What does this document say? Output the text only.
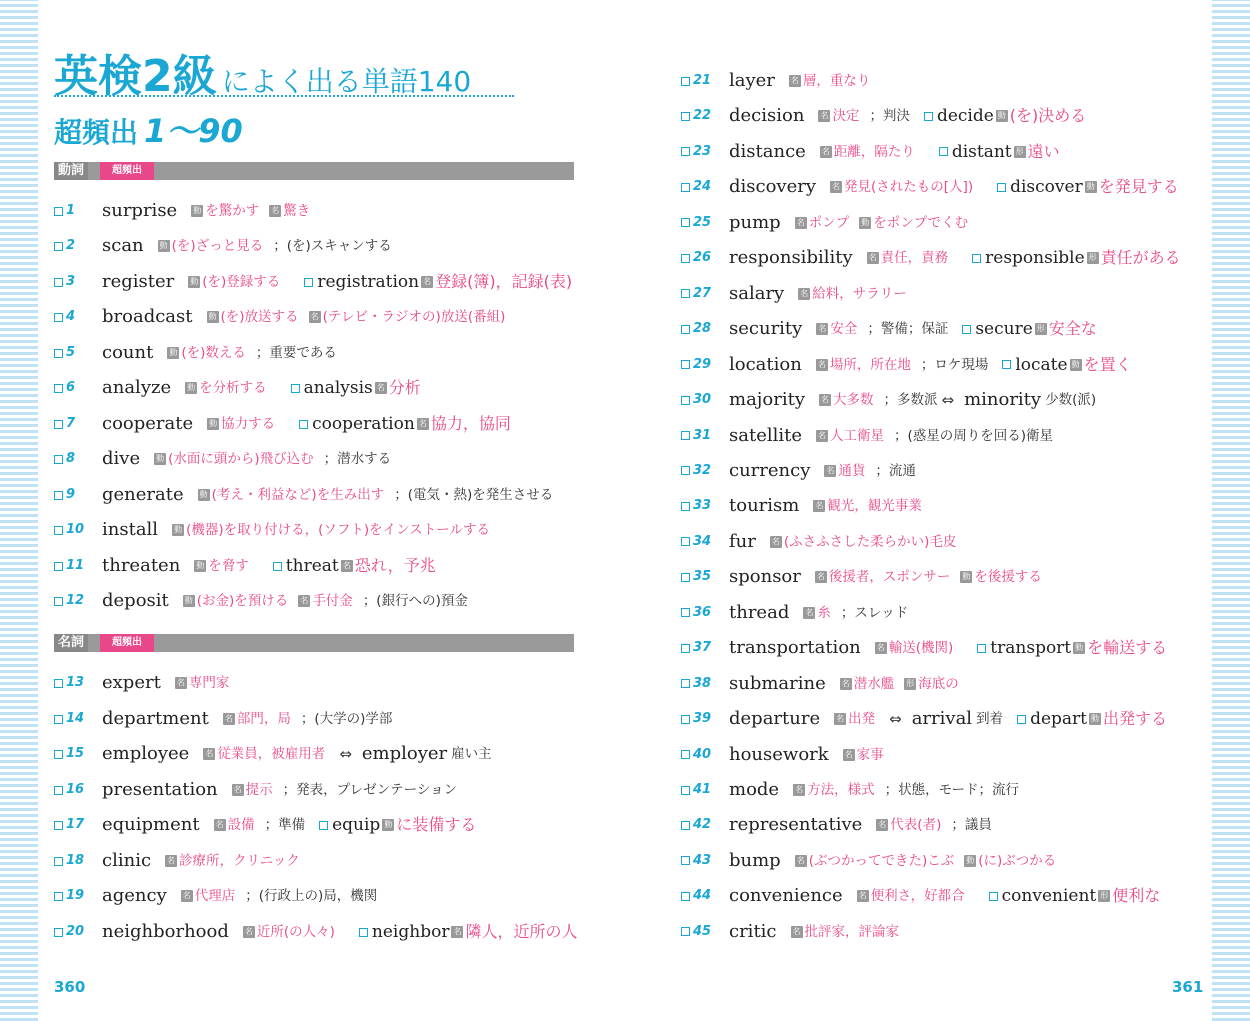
英検2級 によく出る単語140
超頻出 1〜90
動詞	超頻出
名詞	超頻出
1	surprise 動 を驚かす 名 驚き
2	scan 動 (を)ざっと見る ；(を)スキャンする
3	register 動 (を)登録する registration 名 登録(簿)，記録(表)
4	broadcast 動 (を)放送する 名 (テレビ・ラジオの)放送(番組)
5	count 動 (を)数える ；重要である
6	analyze 動 を分析する analysis 名 分析
7	cooperate 動 協力する cooperation 名 協力，協同
8	dive 動 (水面に頭から)飛び込む ；潜水する
9	generate 動 (考え・利益など)を生み出す ；(電気・熱)を発生させる
10 install 動 (機器)を取り付ける，(ソフト)をインストールする
11 threaten 動 を脅す threat 名 恐れ，予兆
12 deposit 動 (お金)を預ける 名 手付金 ；(銀行への)預金
13 expert 名 専門家
14 department 名 部門，局 ；(大学の)学部
15 employee 名 従業員，被雇用者 ⇔ employer 雇い主
16 presentation 名 提示 ；発表，プレゼンテーション
17 equipment 名 設備 ；準備 equip 動 に装備する
18 clinic 名 診療所，クリニック
19 agency 名 代理店 ；(行政上の)局，機関
20 neighborhood 名 近所(の人々) neighbor 名 隣人，近所の人
21 layer 名 層，重なり
22 decision 名 決定 ；判決 decide 動 (を)決める
23 distance 名 距離，隔たり distant 形 遠い
24 discovery 名 発見(されたもの[人]) discover 動 を発見する
25 pump 名 ポンプ 動 をポンプでくむ
26 responsibility 名 責任，責務 responsible 形 責任がある
27 salary 名 給料，サラリー
28 security 名 安全 ；警備；保証 secure 形 安全な
29 location 名 場所，所在地 ；ロケ現場 locate 動 を置く
30 majority 名 大多数 ；多数派 ⇔ minority 少数(派)
31 satellite 名 人工衛星 ；(惑星の周りを回る)衛星
32 currency 名 通貨 ；流通
33 tourism 名 観光，観光事業
34 fur 名 (ふさふさした柔らかい)毛皮
35 sponsor 名 後援者，スポンサー 動 を後援する
36 thread 名 糸 ；スレッド
37 transportation 名 輸送(機関) transport 動 を輸送する
38 submarine 名 潜水艦 形 海底の
39 departure 名 出発 ⇔ arrival 到着 depart 動 出発する
40 housework 名 家事
41 mode 名 方法，様式 ；状態，モード；流行
42 representative 名 代表(者) ；議員
43 bump 名 (ぶつかってできた)こぶ 動 (に)ぶつかる
44 convenience 名 便利さ，好都合 convenient 形 便利な
45 critic 名 批評家，評論家
360	361
